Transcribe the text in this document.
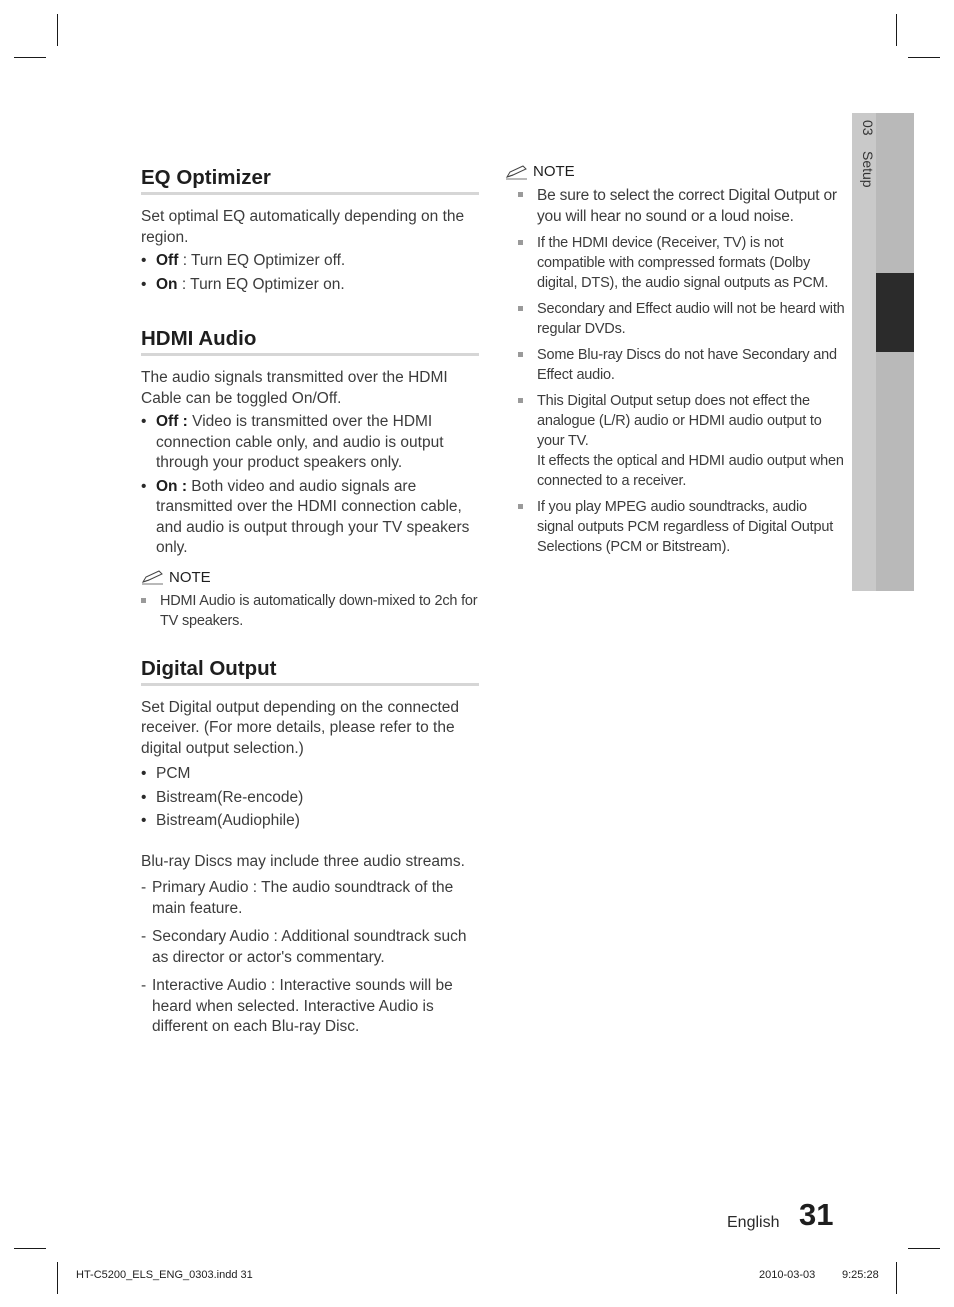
03 Setup
EQ Optimizer

Set optimal EQ automatically depending on the region.

• Off : Turn EQ Optimizer off.
• On : Turn EQ Optimizer on.
HDMI Audio

The audio signals transmitted over the HDMI Cable can be toggled On/Off.

• Off : Video is transmitted over the HDMI connection cable only, and audio is output through your product speakers only.
• On : Both video and audio signals are transmitted over the HDMI connection cable, and audio is output through your TV speakers only.
NOTE
HDMI Audio is automatically down-mixed to 2ch for TV speakers.
Digital Output

Set Digital output depending on the connected receiver. (For more details, please refer to the digital output selection.)

• PCM
• Bistream(Re-encode)
• Bistream(Audiophile)

Blu-ray Discs may include three audio streams.

- Primary Audio : The audio soundtrack of the main feature.
- Secondary Audio : Additional soundtrack such as director or actor's commentary.
- Interactive Audio : Interactive sounds will be heard when selected. Interactive Audio is different on each Blu-ray Disc.
NOTE
Be sure to select the correct Digital Output or you will hear no sound or a loud noise.
If the HDMI device (Receiver, TV) is not compatible with compressed formats (Dolby digital, DTS), the audio signal outputs as PCM.
Secondary and Effect audio will not be heard with regular DVDs.
Some Blu-ray Discs do not have Secondary and Effect audio.
This Digital Output setup does not effect the analogue (L/R) audio or HDMI audio output to your TV.
It effects the optical and HDMI audio output when connected to a receiver.
If you play MPEG audio soundtracks, audio signal outputs PCM regardless of Digital Output Selections (PCM or Bitstream).
English 31
HT-C5200_ELS_ENG_0303.indd 31	2010-03-03 9:25:28
